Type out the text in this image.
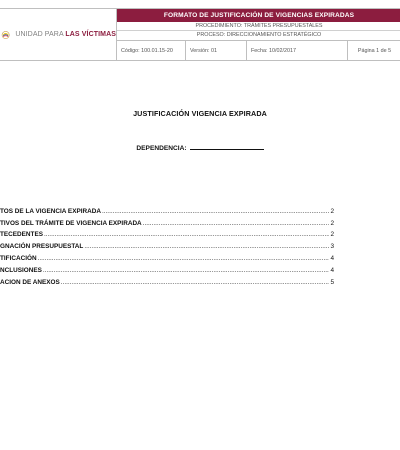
UNIDAD PARA LAS VÍCTIMAS
FORMATO DE JUSTIFICACIÓN DE VIGENCIAS EXPIRADAS
PROCEDIMIENTO: TRÁMITES PRESUPUESTALES
PROCESO: DIRECCIONAMIENTO ESTRATÉGICO
Código: 100.01.15-20	Versión: 01	Fecha: 10/02/2017	Página 1 de 5
JUSTIFICACIÓN VIGENCIA EXPIRADA
DEPENDENCIA:
TOS DE LA VIGENCIA EXPIRADA .....	2
TIVOS DEL TRÁMITE DE VIGENCIA EXPIRADA .....	2
TECEDENTES .....	2
GNACIÓN PRESUPUESTAL .....	3
TIFICACIÓN .....	4
NCLUSIONES .....	4
ACION DE ANEXOS .....	5
